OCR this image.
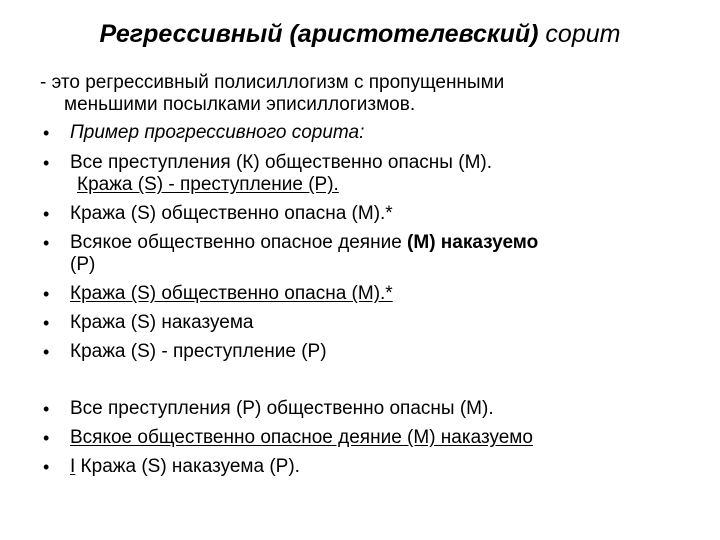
Регрессивный (аристотелевский) сорит
- это регрессивный полисиллогизм с пропущенными
меньшими посылками эписиллогизмов.
• Пример прогрессивного сорита:
• Все преступления (К) общественно опасны (М).
Кража (S) - преступление (Р).
• Кража (S) общественно опасна (М).*
• Всякое общественно опасное деяние (М) наказуемо
(Р)
• Кража (S) общественно опасна (М).*
• Кража (S) наказуема
• Кража (S) - преступление (Р)
• Все преступления (Р) общественно опасны (М).
• Всякое общественно опасное деяние (М) наказуемо
• I Кража (S) наказуема (Р).
